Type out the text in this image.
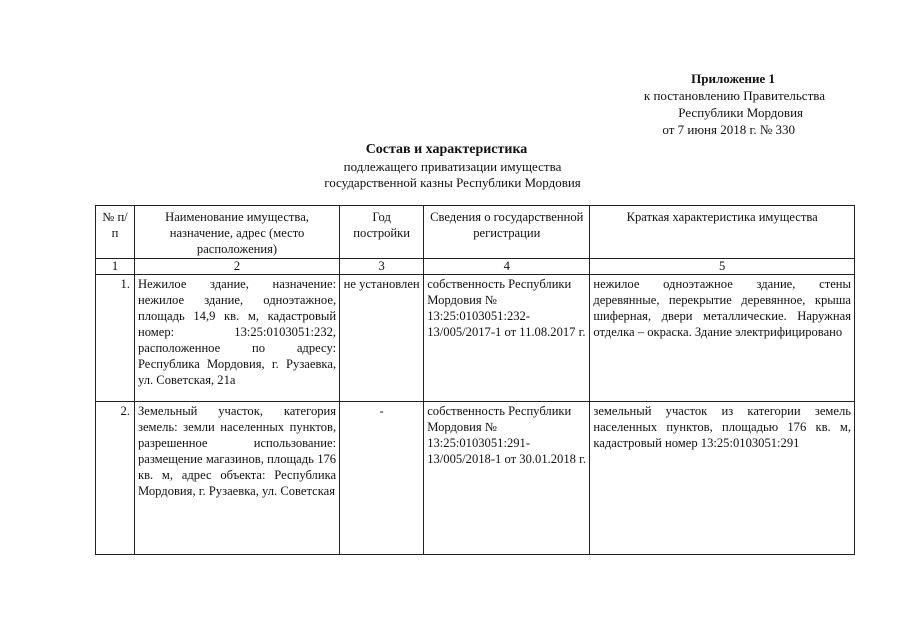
Приложение 1
к постановлению Правительства
Республики Мордовия
от 7 июня 2018 г. № 330
Состав и характеристика
подлежащего приватизации имущества
государственной казны Республики Мордовия
№ п/п	Наименование имущества, назначение, адрес (место расположения)	Год постройки	Сведения о государственной регистрации	Краткая характеристика имущества
1	2	3	4	5
1.	Нежилое здание, назначение: нежилое здание, одноэтажное, площадь 14,9 кв. м, кадастровый номер: 13:25:0103051:232, расположенное по адресу: Республика Мордовия, г. Рузаевка, ул. Советская, 21а	не установлен	собственность Республики Мордовия № 13:25:0103051:232-13/005/2017-1 от 11.08.2017 г.	нежилое одноэтажное здание, стены деревянные, перекрытие деревянное, крыша шиферная, двери металлические. Наружная отделка – окраска. Здание электрифицировано
2.	Земельный участок, категория земель: земли населенных пунктов, разрешенное использование: размещение магазинов, площадь 176 кв. м, адрес объекта: Республика Мордовия, г. Рузаевка, ул. Советская	-	собственность Республики Мордовия № 13:25:0103051:291-13/005/2018-1 от 30.01.2018 г.	земельный участок из категории земель населенных пунктов, площадью 176 кв. м, кадастровый номер 13:25:0103051:291
